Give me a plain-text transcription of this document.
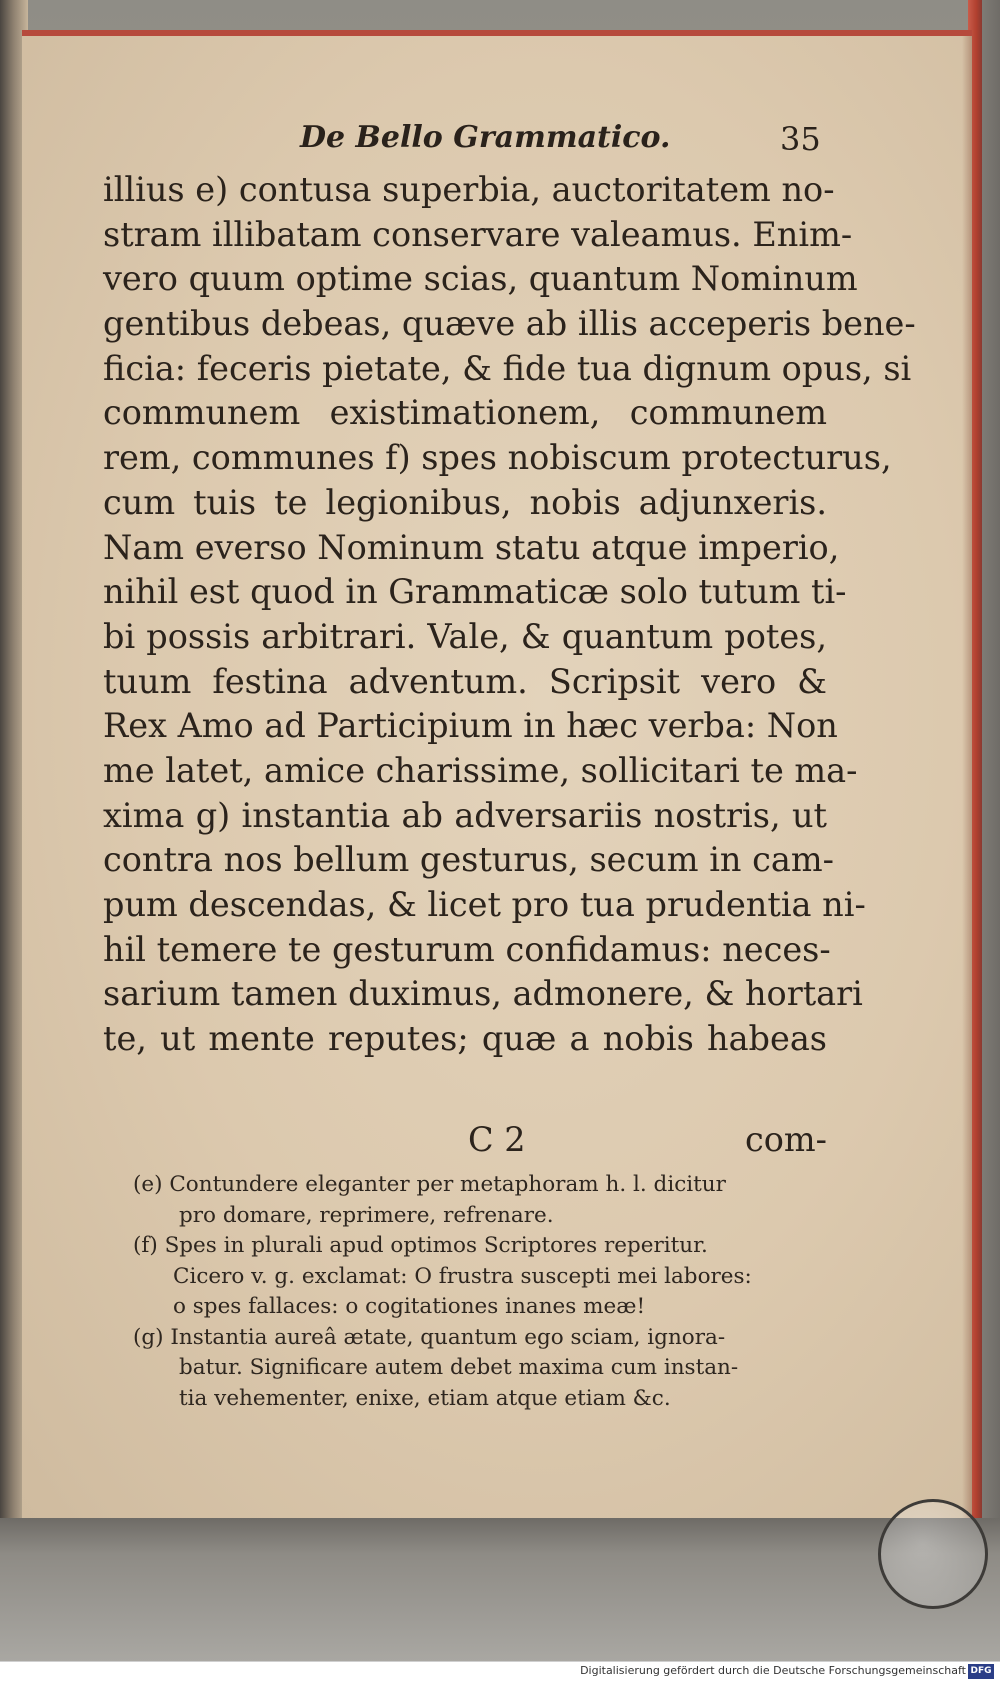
De Bello Grammatico.	35
illius e) contusa superbia, auctoritatem no-
stram illibatam conservare valeamus. Enim-
vero quum optime scias, quantum Nominum
gentibus debeas, quæve ab illis acceperis bene-
ficia: feceris pietate, & fide tua dignum opus, si
communem existimationem, communem
rem, communes f) spes nobiscum protecturus,
cum tuis te legionibus, nobis adjunxeris.
Nam everso Nominum statu atque imperio,
nihil est quod in Grammaticæ solo tutum ti-
bi possis arbitrari. Vale, & quantum potes,
tuum festina adventum. Scripsit vero &
Rex Amo ad Participium in hæc verba: Non
me latet, amice charissime, sollicitari te ma-
xima g) instantia ab adversariis nostris, ut
contra nos bellum gesturus, secum in cam-
pum descendas, & licet pro tua prudentia ni-
hil temere te gesturum confidamus: neces-
sarium tamen duximus, admonere, & hortari
te, ut mente reputes; quæ a nobis habeas
C 2	com-
(e) Contundere eleganter per metaphoram h. l. dicitur
pro domare, reprimere, refrenare.
(f) Spes in plurali apud optimos Scriptores reperitur.
Cicero v. g. exclamat: O frustra suscepti mei labores:
o spes fallaces: o cogitationes inanes meæ!
(g) Instantia aureâ ætate, quantum ego sciam, ignora-
batur. Significare autem debet maxima cum instan-
tia vehementer, enixe, etiam atque etiam &c.
Digitalisierung gefördert durch die Deutsche Forschungsgemeinschaft DFG
